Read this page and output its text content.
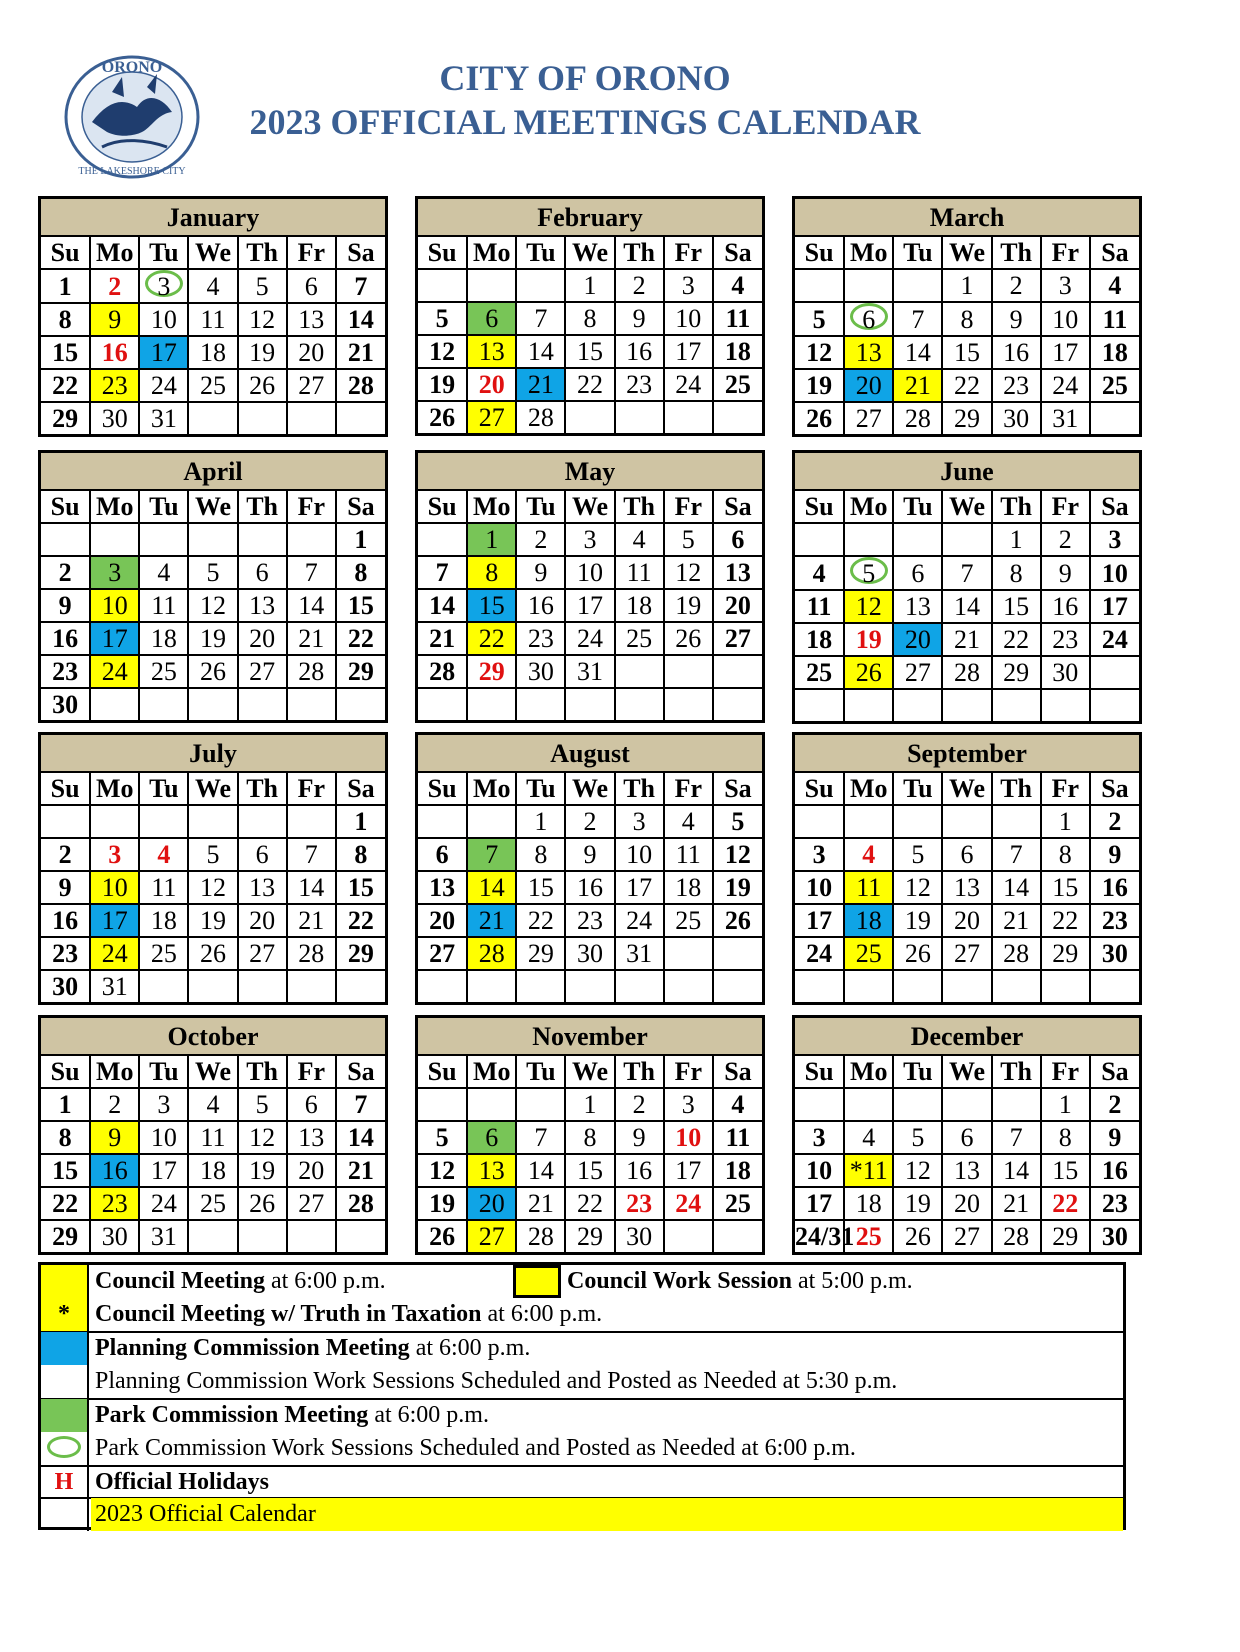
ORONO
THE LAKESHORE CITY
CITY OF ORONO
2023 OFFICIAL MEETINGS CALENDAR
January
Su	Mo	Tu	We	Th	Fr	Sa
1	2	3	4	5	6	7
8	9	10	11	12	13	14
15	16	17	18	19	20	21
22	23	24	25	26	27	28
29	30	31				
February
Su	Mo	Tu	We	Th	Fr	Sa
			1	2	3	4
5	6	7	8	9	10	11
12	13	14	15	16	17	18
19	20	21	22	23	24	25
26	27	28				
March
Su	Mo	Tu	We	Th	Fr	Sa
			1	2	3	4
5	6	7	8	9	10	11
12	13	14	15	16	17	18
19	20	21	22	23	24	25
26	27	28	29	30	31	
April
Su	Mo	Tu	We	Th	Fr	Sa
						1
2	3	4	5	6	7	8
9	10	11	12	13	14	15
16	17	18	19	20	21	22
23	24	25	26	27	28	29
30						
May
Su	Mo	Tu	We	Th	Fr	Sa
	1	2	3	4	5	6
7	8	9	10	11	12	13
14	15	16	17	18	19	20
21	22	23	24	25	26	27
28	29	30	31			

June
Su	Mo	Tu	We	Th	Fr	Sa
				1	2	3
4	5	6	7	8	9	10
11	12	13	14	15	16	17
18	19	20	21	22	23	24
25	26	27	28	29	30	

July
Su	Mo	Tu	We	Th	Fr	Sa
						1
2	3	4	5	6	7	8
9	10	11	12	13	14	15
16	17	18	19	20	21	22
23	24	25	26	27	28	29
30	31					
August
Su	Mo	Tu	We	Th	Fr	Sa
		1	2	3	4	5
6	7	8	9	10	11	12
13	14	15	16	17	18	19
20	21	22	23	24	25	26
27	28	29	30	31		

September
Su	Mo	Tu	We	Th	Fr	Sa
					1	2
3	4	5	6	7	8	9
10	11	12	13	14	15	16
17	18	19	20	21	22	23
24	25	26	27	28	29	30

October
Su	Mo	Tu	We	Th	Fr	Sa
1	2	3	4	5	6	7
8	9	10	11	12	13	14
15	16	17	18	19	20	21
22	23	24	25	26	27	28
29	30	31				
November
Su	Mo	Tu	We	Th	Fr	Sa
			1	2	3	4
5	6	7	8	9	10	11
12	13	14	15	16	17	18
19	20	21	22	23	24	25
26	27	28	29	30		
December
Su	Mo	Tu	We	Th	Fr	Sa
					1	2
3	4	5	6	7	8	9
10	*11	12	13	14	15	16
17	18	19	20	21	22	23
24/31	25	26	27	28	29	30
Council Meeting at 6:00 p.m.	Council Work Session at 5:00 p.m.
*	Council Meeting w/ Truth in Taxation at 6:00 p.m.
Planning Commission Meeting at 6:00 p.m.
Planning Commission Work Sessions Scheduled and Posted as Needed at 5:30 p.m.
Park Commission Meeting at 6:00 p.m.
Park Commission Work Sessions Scheduled and Posted as Needed at 6:00 p.m.
H Official Holidays
2023 Official Calendar
